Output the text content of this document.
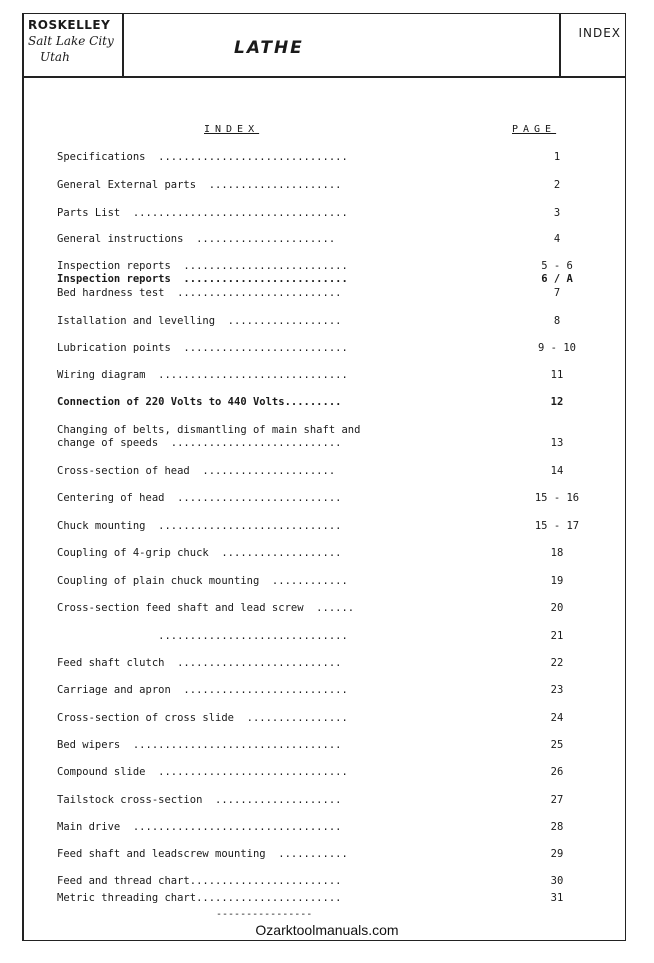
ROSKELLEY
Salt Lake City
Utah	LATHE
INDEX
INDEX	PAGE
Specifications  ..............................	1
General External parts  .....................	2
Parts List  ..................................	3
General instructions  ......................	4
Inspection reports  ..........................	5 - 6
Inspection reports  ..........................	6 / A
Bed hardness test  ..........................	7
Istallation and levelling  ..................	8
Lubrication points  ..........................	9 - 10
Wiring diagram  ..............................	11
Connection of 220 Volts to 440 Volts.........	12
Changing of belts, dismantling of main shaft and
change of speeds  ...........................	13
Cross-section of head  .....................	14
Centering of head  ..........................	15 - 16
Chuck mounting  .............................	15 - 17
Coupling of 4-grip chuck  ...................	18
Coupling of plain chuck mounting  ............	19
Cross-section feed shaft and lead screw  ......	20
..............................	21
Feed shaft clutch  ..........................	22
Carriage and apron  ..........................	23
Cross-section of cross slide  ................	24
Bed wipers  .................................	25
Compound slide  ..............................	26
Tailstock cross-section  ....................	27
Main drive  .................................	28
Feed shaft and leadscrew mounting  ...........	29
Feed and thread chart........................	30
Metric threading chart.......................	31
----------------
Ozarktoolmanuals.com
